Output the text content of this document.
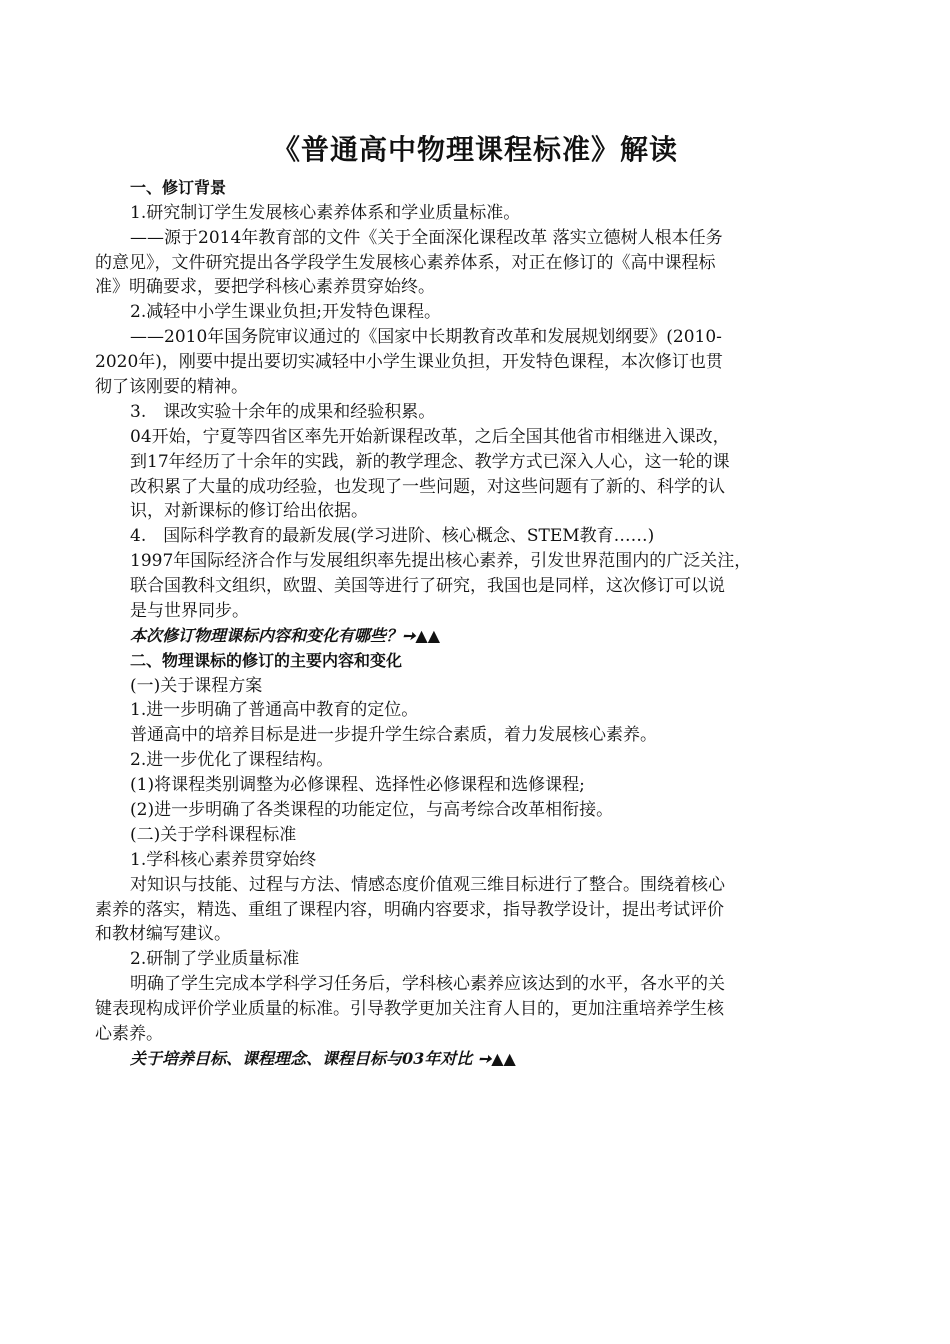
《普通高中物理课程标准》解读
一、修订背景
1.研究制订学生发展核心素养体系和学业质量标准。
——源于2014年教育部的文件《关于全面深化课程改革 落实立德树人根本任务
的意见》，文件研究提出各学段学生发展核心素养体系，对正在修订的《高中课程标
准》明确要求，要把学科核心素养贯穿始终。
2.减轻中小学生课业负担;开发特色课程。
——2010年国务院审议通过的《国家中长期教育改革和发展规划纲要》(2010-
2020年)，刚要中提出要切实减轻中小学生课业负担，开发特色课程，本次修订也贯
彻了该刚要的精神。
3.　课改实验十余年的成果和经验积累。
04开始，宁夏等四省区率先开始新课程改革，之后全国其他省市相继进入课改，
到17年经历了十余年的实践，新的教学理念、教学方式已深入人心，这一轮的课
改积累了大量的成功经验，也发现了一些问题，对这些问题有了新的、科学的认
识，对新课标的修订给出依据。
4.　国际科学教育的最新发展(学习进阶、核心概念、STEM教育……)
1997年国际经济合作与发展组织率先提出核心素养，引发世界范围内的广泛关注，
联合国教科文组织，欧盟、美国等进行了研究，我国也是同样，这次修订可以说
是与世界同步。
本次修订物理课标内容和变化有哪些？➙▲▲
二、物理课标的修订的主要内容和变化
(一)关于课程方案
1.进一步明确了普通高中教育的定位。
普通高中的培养目标是进一步提升学生综合素质，着力发展核心素养。
2.进一步优化了课程结构。
(1)将课程类别调整为必修课程、选择性必修课程和选修课程;
(2)进一步明确了各类课程的功能定位，与高考综合改革相衔接。
(二)关于学科课程标准
1.学科核心素养贯穿始终
对知识与技能、过程与方法、情感态度价值观三维目标进行了整合。围绕着核心
素养的落实，精选、重组了课程内容，明确内容要求，指导教学设计，提出考试评价
和教材编写建议。
2.研制了学业质量标准
明确了学生完成本学科学习任务后，学科核心素养应该达到的水平，各水平的关
键表现构成评价学业质量的标准。引导教学更加关注育人目的，更加注重培养学生核
心素养。
关于培养目标、课程理念、课程目标与03年对比 ➙▲▲
